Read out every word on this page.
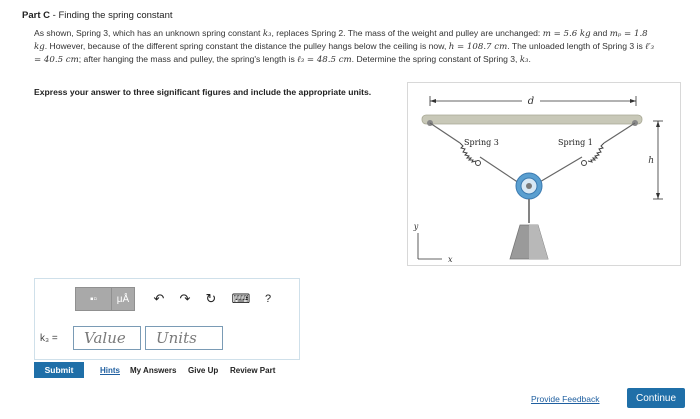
Part C - Finding the spring constant
As shown, Spring 3, which has an unknown spring constant k₃, replaces Spring 2. The mass of the weight and pulley are unchanged: m = 5.6 kg and mₚ = 1.8 kg. However, because of the different spring constant the distance the pulley hangs below the ceiling is now, h = 108.7 cm. The unloaded length of Spring 3 is ℓ′₃ = 40.5 cm; after hanging the mass and pulley, the spring's length is ℓ₃ = 48.5 cm. Determine the spring constant of Spring 3, k₃.
Express your answer to three significant figures and include the appropriate units.
d
h
Spring 3	Spring 1
y
x
▪▫ μÅ ↶ ↷ ↻ ⌨	?
k₃ =	Value	Units
Submit	Hints My Answers Give Up Review Part
Provide Feedback	Continue
